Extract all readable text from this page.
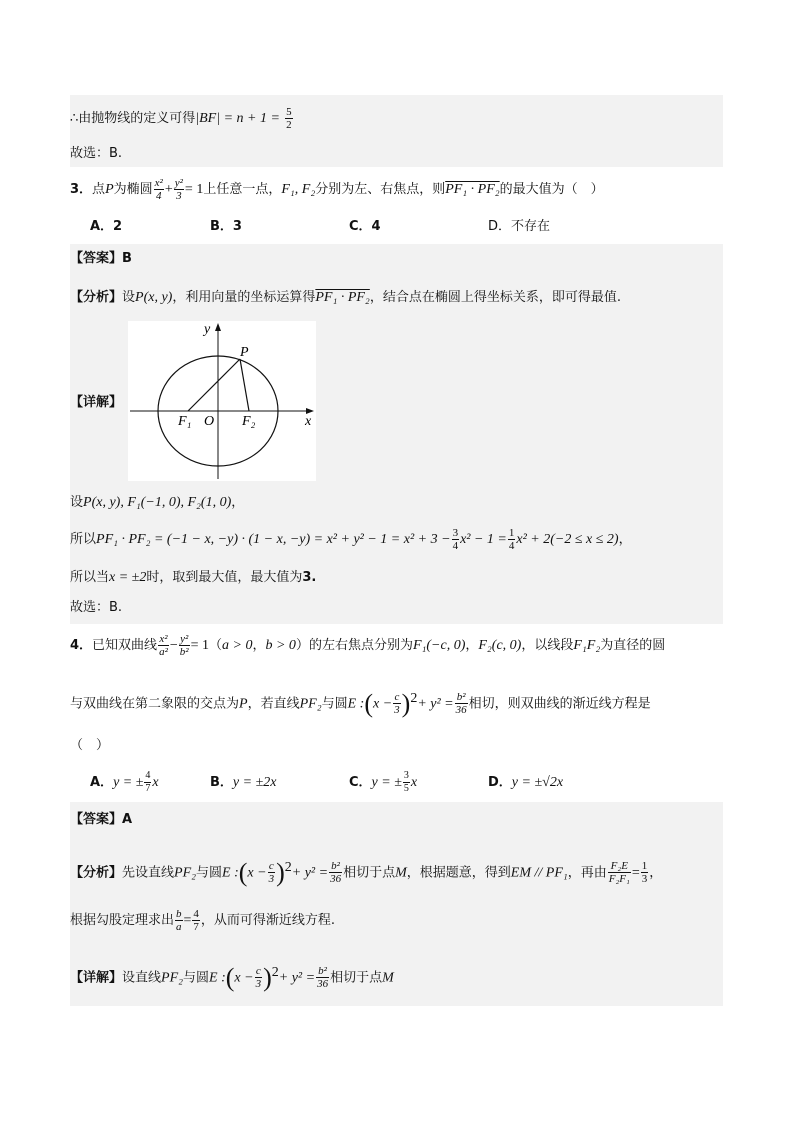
∴由抛物线的定义可得$|BF| = n + 1 = \frac{5}{2}$
故选：B.
3．点P为椭圆 $\frac{\text{x²}}{4} + \frac{\text{y²}}{3} = 1$上任意一点，F₁, F₂分别为左、右焦点，则PF₁ · PF₂的最大值为（　）
A．2	B．3	C．4	D．不存在
【答案】B
【分析】设P(x, y)，利用向量的坐标运算得PF₁ · PF₂，结合点在椭圆上得坐标关系，即可得最值.
【详解】
y
x
P
O
F₁	F₂
设P(x, y), F₁(−1, 0), F₂(1, 0)，
所以PF₁ · PF₂ = (−1 − x, −y) · (1 − x, $-y) = x^2 + y^2 - 1 = x^2 + 3 - \frac{3}{4} x^2 - 1 = \frac{1}{4} x^2 + 2(-2 \le x \le 2)$，
所以当x = ±2时，取到最大值，最大值为3.
故选：B.
4．已知双曲线 $\frac{\text{x²}}{\text{a²}} - \frac{\text{y²}}{\text{b²}} = 1(a > 0$，b > 0）的左右焦点分别为F₁(−c, 0)，F₂(c, 0)，以线段F₁F₂为直径的圆
与双曲线在第二象限的交点为P，若直线PF₂与圆E :(x − $\frac{c}{3} )^2+ y^2 = \frac{\text{b²}}{36}$ 相切，则双曲线的渐近线方程是
（　）
A．y = ± $\frac{4}{7}$ x	B．y = ±2x	C．y = ± $\frac{3}{5}$ x	D．y = ±√2x
【答案】A
【分析】先设直线PF₂与圆E :(x − $\frac{c}{3} )^2+ y^2 = \frac{\text{b²}}{36}$ 相切于点M，根据题意，得到EM // PF₁，再由 $\frac{\text{F₂E}}{\text{F₂F₁}} = \frac{1}{3}$ ，
根据勾股定理求出 $\frac{b}{a} = \frac{4}{7}$ ，从而可得渐近线方程.
【详解】设直线PF₂与圆E :(x − $\frac{c}{3} )^2+ y^2 = \frac{\text{b²}}{36}$ 相切于点M
